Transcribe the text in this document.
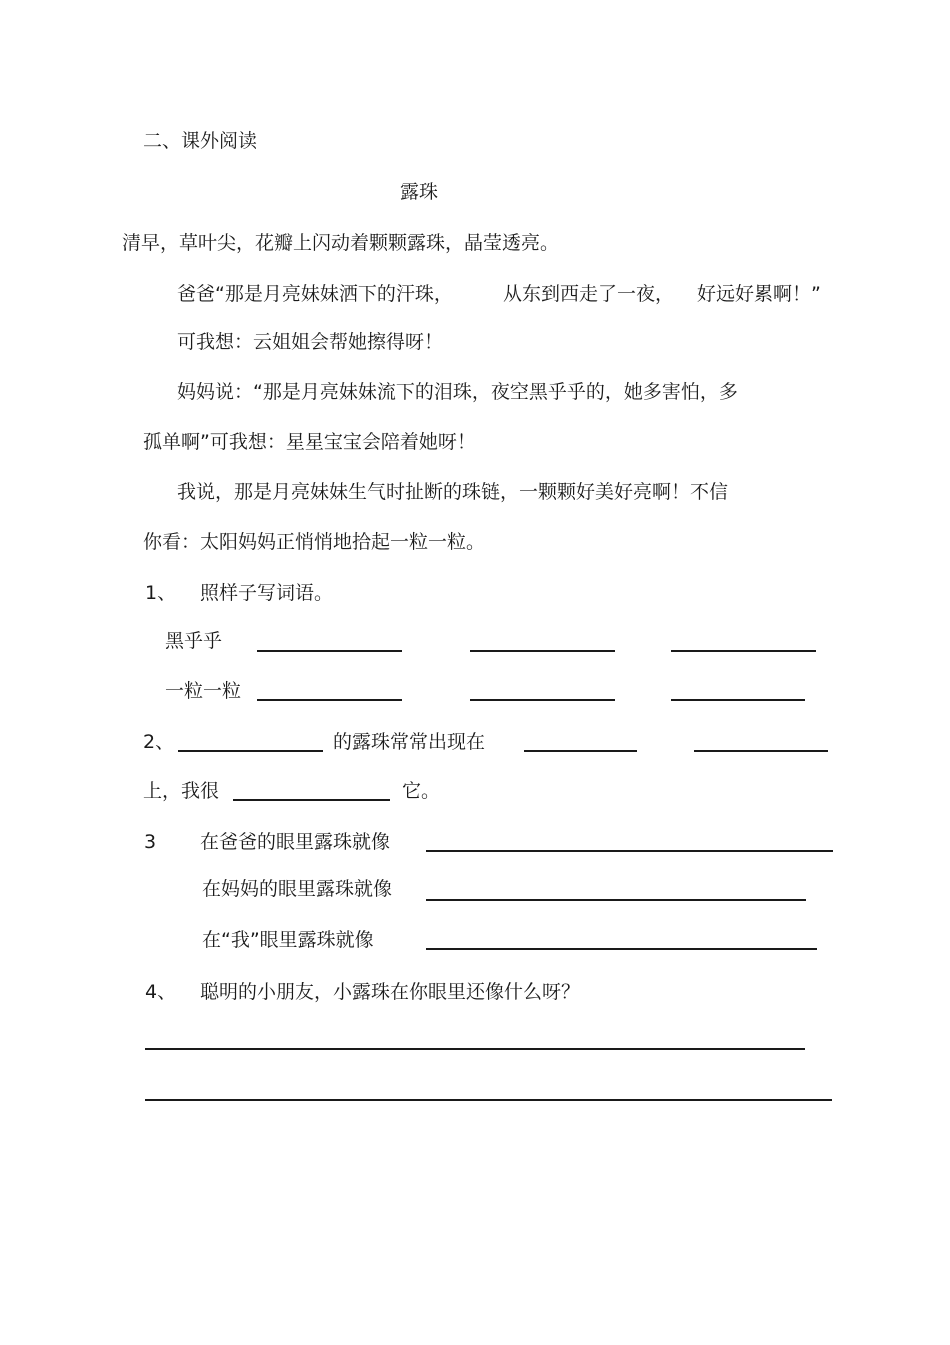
二、课外阅读
露珠
清早，草叶尖，花瓣上闪动着颗颗露珠，晶莹透亮。
爸爸“那是月亮妹妹洒下的汗珠，	从东到西走了一夜， 好远好累啊！”
可我想：云姐姐会帮她擦得呀！
妈妈说：“那是月亮妹妹流下的泪珠，夜空黑乎乎的，她多害怕，多
孤单啊”可我想：星星宝宝会陪着她呀！
我说，那是月亮妹妹生气时扯断的珠链，一颗颗好美好亮啊！不信
你看：太阳妈妈正悄悄地拾起一粒一粒。
1、 照样子写词语。
黑乎乎
一粒一粒
2、	的露珠常常出现在
上，我很	它。
3 在爸爸的眼里露珠就像
在妈妈的眼里露珠就像
在“我”眼里露珠就像
4、 聪明的小朋友，小露珠在你眼里还像什么呀？
